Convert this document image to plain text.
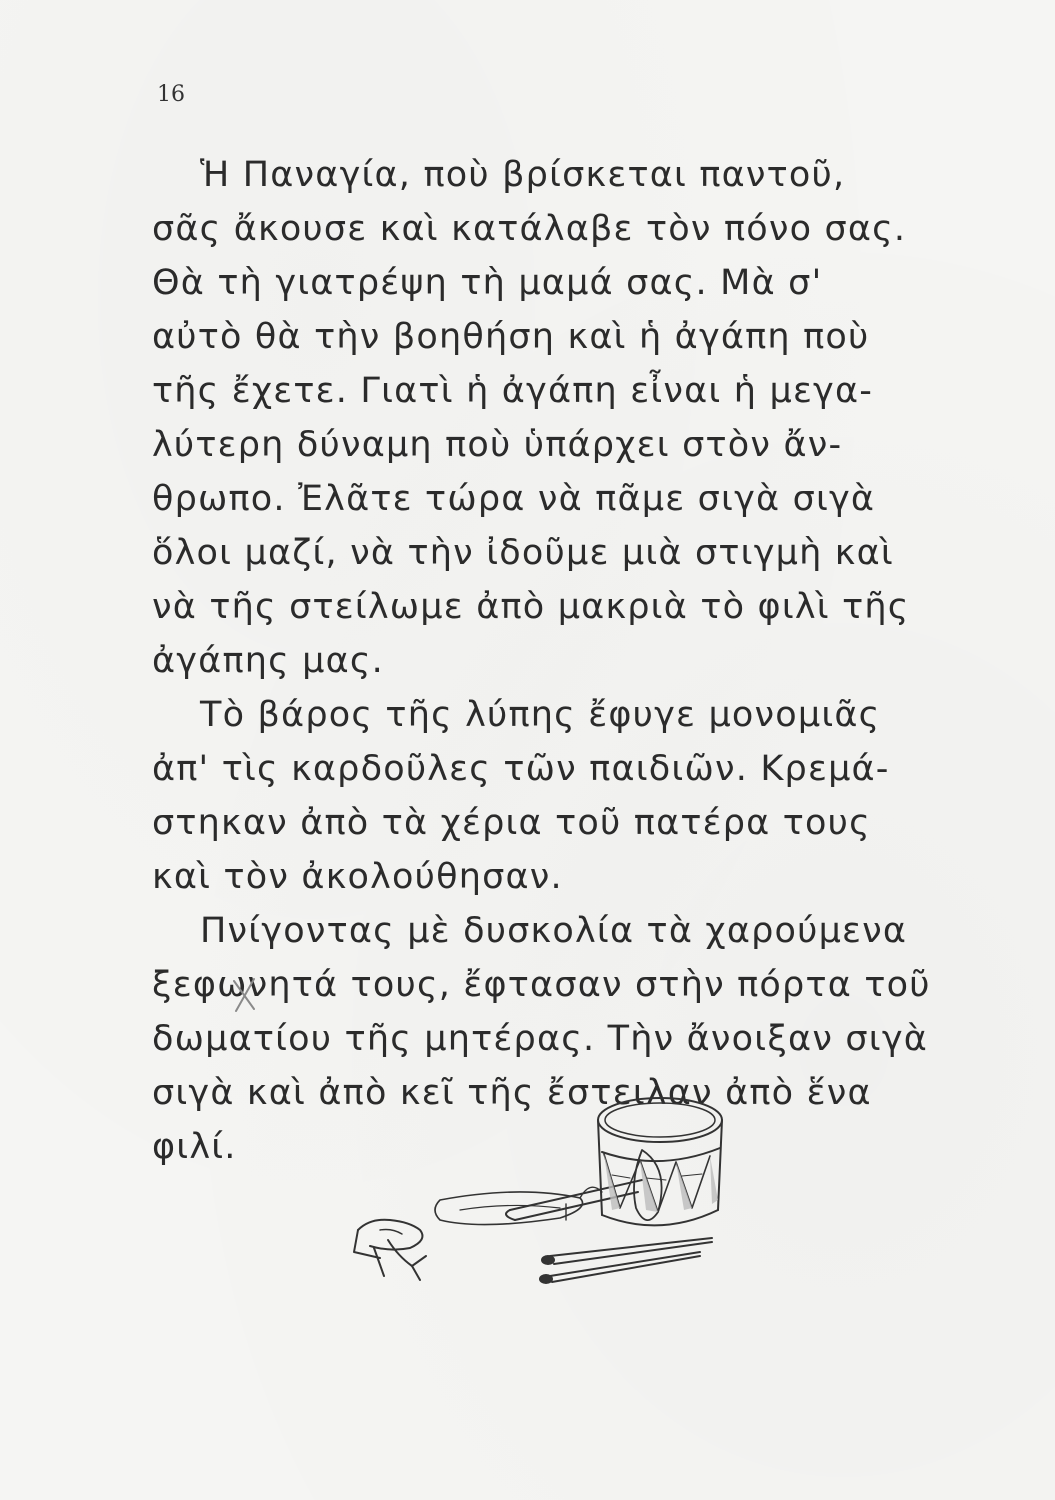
16
Ἡ Παναγία, ποὺ βρίσκεται παντοῦ,
σᾶς ἄκουσε καὶ κατάλαβε τὸν πόνο σας.
Θὰ τὴ γιατρέψη τὴ μαμά σας. Μὰ σ'
αὐτὸ θὰ τὴν βοηθήση καὶ ἡ ἀγάπη ποὺ
τῆς ἔχετε. Γιατὶ ἡ ἀγάπη εἶναι ἡ μεγα-
λύτερη δύναμη ποὺ ὑπάρχει στὸν ἄν-
θρωπο. Ἐλᾶτε τώρα νὰ πᾶμε σιγὰ σιγὰ
ὅλοι μαζί, νὰ τὴν ἰδοῦμε μιὰ στιγμὴ καὶ
νὰ τῆς στείλωμε ἀπὸ μακριὰ τὸ φιλὶ τῆς
ἀγάπης μας.
Τὸ βάρος τῆς λύπης ἔφυγε μονομιᾶς
ἀπ' τὶς καρδοῦλες τῶν παιδιῶν. Κρεμά-
στηκαν ἀπὸ τὰ χέρια τοῦ πατέρα τους
καὶ τὸν ἀκολούθησαν.
Πνίγοντας μὲ δυσκολία τὰ χαρούμενα
ξεφωνητά τους, ἔφτασαν στὴν πόρτα τοῦ
δωματίου τῆς μητέρας. Τὴν ἄνοιξαν σιγὰ
σιγὰ καὶ ἀπὸ κεῖ τῆς ἔστειλαν ἀπὸ ἕνα
φιλί.
